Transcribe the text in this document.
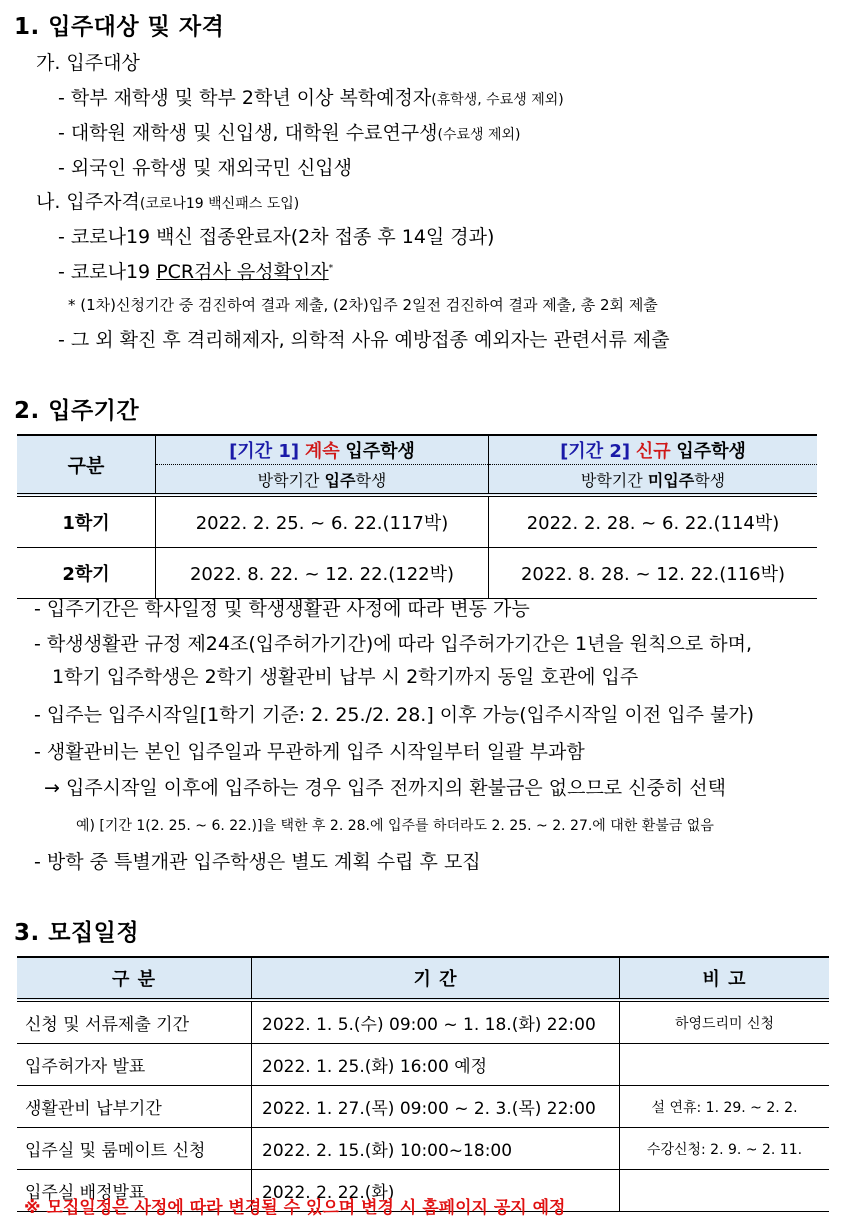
1. 입주대상 및 자격
가. 입주대상
- 학부 재학생 및 학부 2학년 이상 복학예정자(휴학생, 수료생 제외)
- 대학원 재학생 및 신입생, 대학원 수료연구생(수료생 제외)
- 외국인 유학생 및 재외국민 신입생
나. 입주자격(코로나19 백신패스 도입)
- 코로나19 백신 접종완료자(2차 접종 후 14일 경과)
- 코로나19 PCR검사 음성확인자*
* (1차)신청기간 중 검진하여 결과 제출, (2차)입주 2일전 검진하여 결과 제출, 총 2회 제출
- 그 외 확진 후 격리해제자, 의학적 사유 예방접종 예외자는 관련서류 제출
2. 입주기간
구분	[기간 1] 계속 입주학생	[기간 2] 신규 입주학생
	방학기간 입주학생	방학기간 미입주학생
1학기	2022. 2. 25. ~ 6. 22.(117박)	2022. 2. 28. ~ 6. 22.(114박)
2학기	2022. 8. 22. ~ 12. 22.(122박)	2022. 8. 28. ~ 12. 22.(116박)
- 입주기간은 학사일정 및 학생생활관 사정에 따라 변동 가능
- 학생생활관 규정 제24조(입주허가기간)에 따라 입주허가기간은 1년을 원칙으로 하며,
1학기 입주학생은 2학기 생활관비 납부 시 2학기까지 동일 호관에 입주
- 입주는 입주시작일[1학기 기준: 2. 25./2. 28.] 이후 가능(입주시작일 이전 입주 불가)
- 생활관비는 본인 입주일과 무관하게 입주 시작일부터 일괄 부과함
→ 입주시작일 이후에 입주하는 경우 입주 전까지의 환불금은 없으므로 신중히 선택
예) [기간 1(2. 25. ~ 6. 22.)]을 택한 후 2. 28.에 입주를 하더라도 2. 25. ~ 2. 27.에 대한 환불금 없음
- 방학 중 특별개관 입주학생은 별도 계획 수립 후 모집
3. 모집일정
구 분	기 간	비 고
신청 및 서류제출 기간	2022. 1. 5.(수) 09:00 ~ 1. 18.(화) 22:00	하영드리미 신청
입주허가자 발표	2022. 1. 25.(화) 16:00 예정	
생활관비 납부기간	2022. 1. 27.(목) 09:00 ~ 2. 3.(목) 22:00	설 연휴: 1. 29. ~ 2. 2.
입주실 및 룸메이트 신청	2022. 2. 15.(화) 10:00~18:00	수강신청: 2. 9. ~ 2. 11.
입주실 배정발표	2022. 2. 22.(화)	
※ 모집일정은 사정에 따라 변경될 수 있으며 변경 시 홈페이지 공지 예정
